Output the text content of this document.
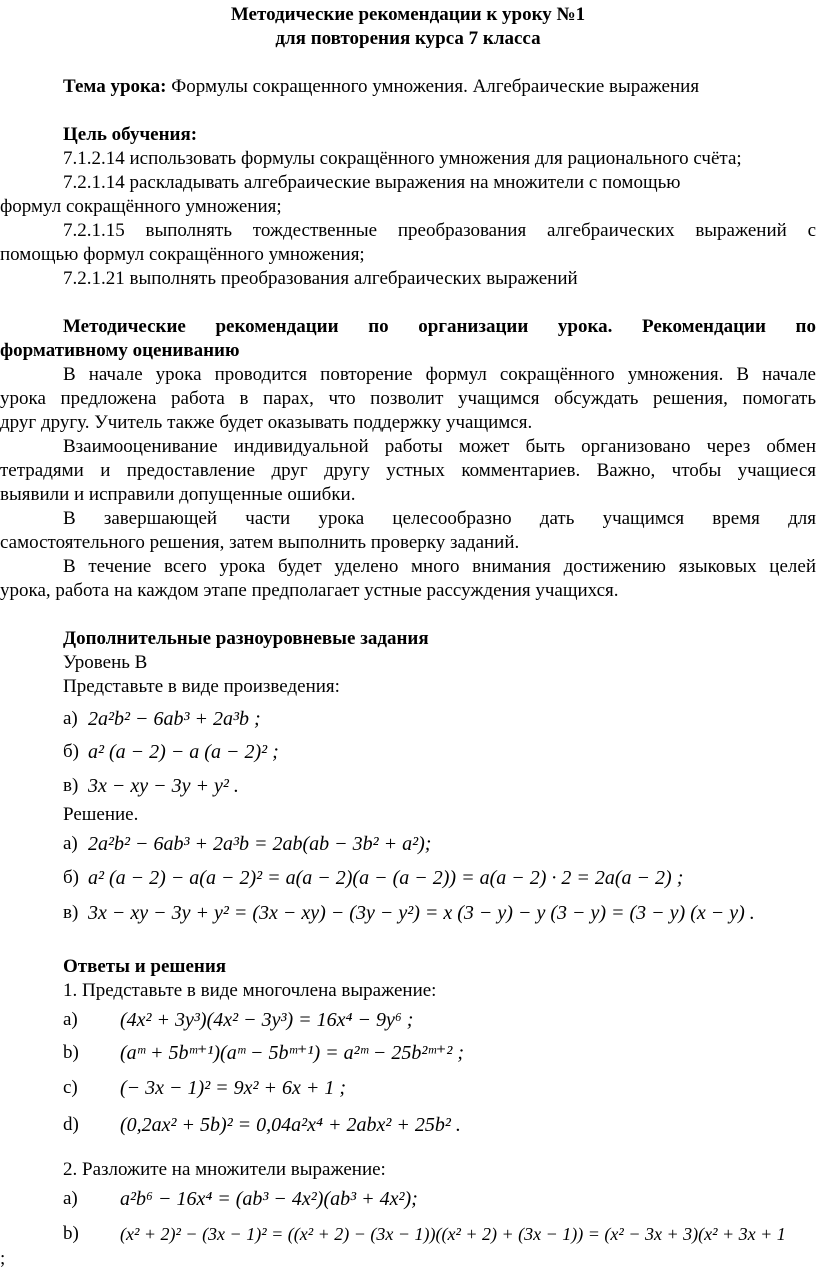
Методические рекомендации к уроку №1
для повторения курса 7 класса
Тема урока: Формулы сокращенного умножения. Алгебраические выражения
Цель обучения:
7.1.2.14 использовать формулы сокращённого умножения для рационального счёта;
7.2.1.14 раскладывать алгебраические выражения на множители с помощью
формул сокращённого умножения;
7.2.1.15 выполнять тождественные преобразования алгебраических выражений с
помощью формул сокращённого умножения;
7.2.1.21 выполнять преобразования алгебраических выражений
Методические рекомендации по организации урока. Рекомендации по
формативному оцениванию
В начале урока проводится повторение формул сокращённого умножения. В начале
урока предложена работа в парах, что позволит учащимся обсуждать решения, помогать
друг другу. Учитель также будет оказывать поддержку учащимся.
Взаимооценивание индивидуальной работы может быть организовано через обмен
тетрадями и предоставление друг другу устных комментариев. Важно, чтобы учащиеся
выявили и исправили допущенные ошибки.
В завершающей части урока целесообразно дать учащимся время для
самостоятельного решения, затем выполнить проверку заданий.
В течение всего урока будет уделено много внимания достижению языковых целей
урока, работа на каждом этапе предполагает устные рассуждения учащихся.
Дополнительные разноуровневые задания
Уровень В
Представьте в виде произведения:
а) 2a²b² − 6ab³ + 2a³b ;
б) a² (a − 2) − a (a − 2)² ;
в) 3x − xy − 3y + y² .
Решение.
а) 2a²b² − 6ab³ + 2a³b = 2ab(ab − 3b² + a²);
б) a² (a − 2) − a(a − 2)² = a(a − 2)(a − (a − 2)) = a(a − 2) · 2 = 2a(a − 2) ;
в) 3x − xy − 3y + y² = (3x − xy) − (3y − y²) = x (3 − y) − y (3 − y) = (3 − y) (x − y) .
Ответы и решения
1. Представьте в виде многочлена выражение:
a) (4x² + 3y³)(4x² − 3y³) = 16x⁴ − 9y⁶ ;
b) (aᵐ + 5bᵐ⁺¹)(aᵐ − 5bᵐ⁺¹) = a²ᵐ − 25b²ᵐ⁺² ;
c) (− 3x − 1)² = 9x² + 6x + 1 ;
d) (0,2ax² + 5b)² = 0,04a²x⁴ + 2abx² + 25b² .
2. Разложите на множители выражение:
a) a²b⁶ − 16x⁴ = (ab³ − 4x²)(ab³ + 4x²);
b) (x² + 2)² − (3x − 1)² = ((x² + 2) − (3x − 1))((x² + 2) + (3x − 1)) = (x² − 3x + 3)(x² + 3x + 1
;
